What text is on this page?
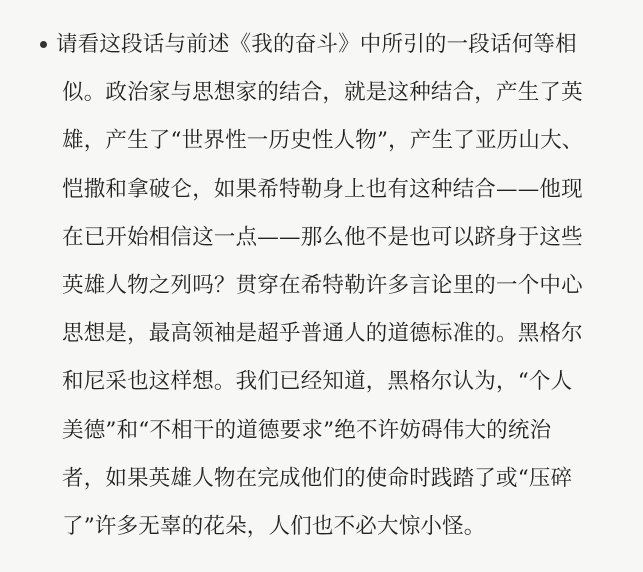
请看这段话与前述《我的奋斗》中所引的一段话何等相
似。政治家与思想家的结合，就是这种结合，产生了英
雄，产生了“世界性一历史性人物”，产生了亚历山大、
恺撒和拿破仑，如果希特勒身上也有这种结合——他现
在已开始相信这一点——那么他不是也可以跻身于这些
英雄人物之列吗？贯穿在希特勒许多言论里的一个中心
思想是，最高领袖是超乎普通人的道德标准的。黑格尔
和尼采也这样想。我们已经知道，黑格尔认为，“个人
美德”和“不相干的道德要求”绝不许妨碍伟大的统治
者，如果英雄人物在完成他们的使命时践踏了或“压碎
了”许多无辜的花朵，人们也不必大惊小怪。
